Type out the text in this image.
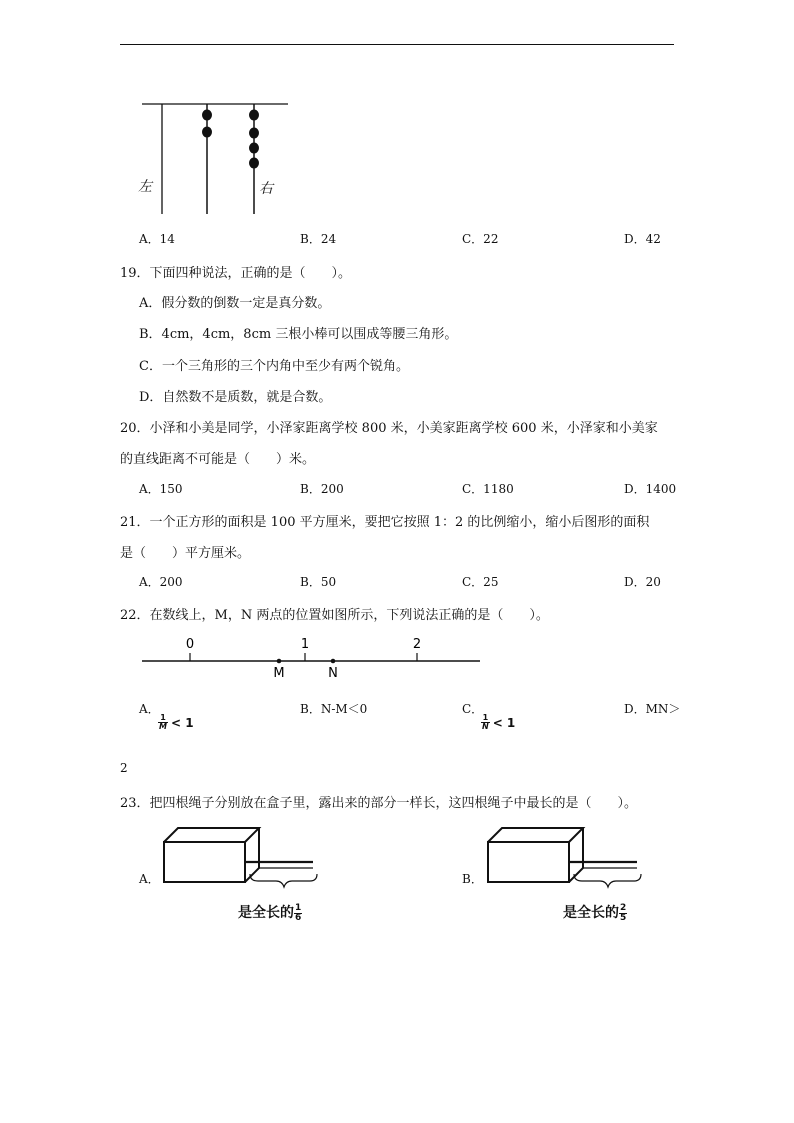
左	右
A．14	B．24	C．22	D．42
19．下面四种说法，正确的是（　　）。
A．假分数的倒数一定是真分数。
B．4cm，4cm，8cm 三根小棒可以围成等腰三角形。
C．一个三角形的三个内角中至少有两个锐角。
D．自然数不是质数，就是合数。
20．小泽和小美是同学，小泽家距离学校 800 米，小美家距离学校 600 米，小泽家和小美家
的直线距离不可能是（　　）米。
A．150	B．200	C．1180	D．1400
21．一个正方形的面积是 100 平方厘米，要把它按照 1：2 的比例缩小，缩小后图形的面积
是（　　）平方厘米。
A．200	B．50	C．25	D．20
22．在数线上，M，N 两点的位置如图所示，下列说法正确的是（　　）。
0	1	2
M	N
A．
$\frac{1}{M} < 1$
B．N-M＜0	C．
$\frac{1}{N} < 1$
D．MN＞
2
23．把四根绳子分别放在盒子里，露出来的部分一样长，这四根绳子中最长的是（　　）。
A．
是全长的 $\frac{1}{6}$
B．
是全长的 $\frac{2}{5}$
